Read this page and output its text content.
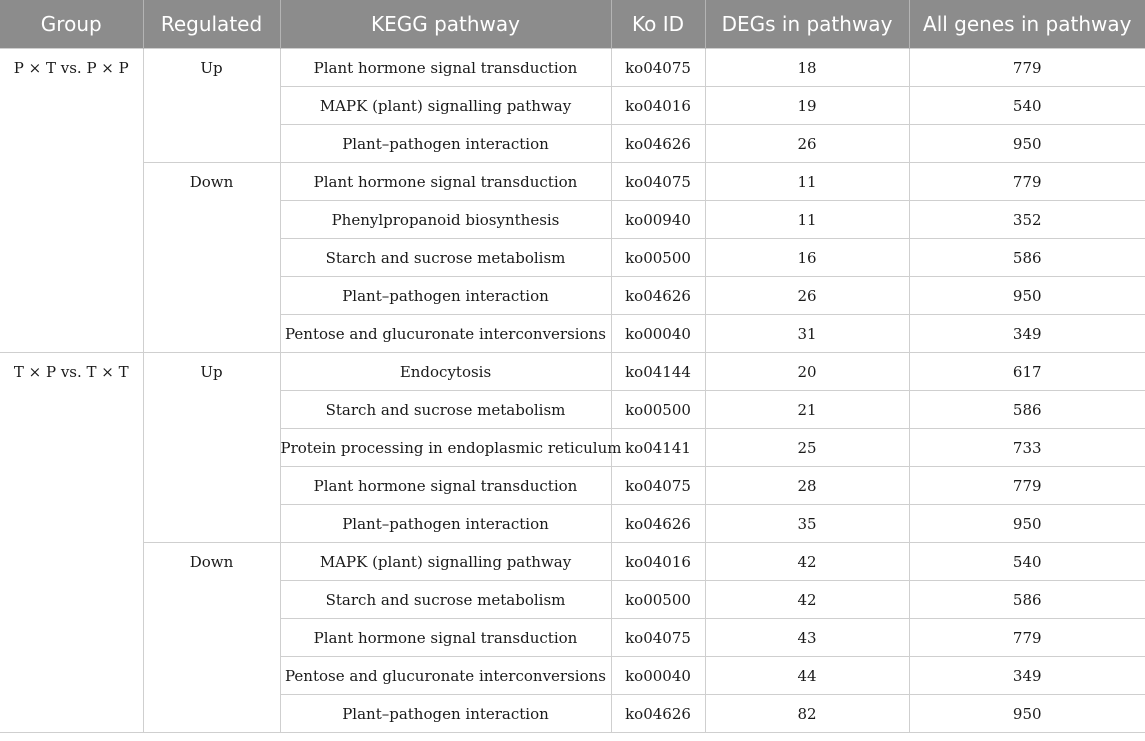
Group	Regulated	KEGG pathway	Ko ID	DEGs in pathway	All genes in pathway
P × T vs. P × P	Up	Plant hormone signal transduction	ko04075	18	779
		MAPK (plant) signalling pathway	ko04016	19	540
		Plant–pathogen interaction	ko04626	26	950
	Down	Plant hormone signal transduction	ko04075	11	779
		Phenylpropanoid biosynthesis	ko00940	11	352
		Starch and sucrose metabolism	ko00500	16	586
		Plant–pathogen interaction	ko04626	26	950
		Pentose and glucuronate interconversions	ko00040	31	349
T × P vs. T × T	Up	Endocytosis	ko04144	20	617
		Starch and sucrose metabolism	ko00500	21	586
		Protein processing in endoplasmic reticulum	ko04141	25	733
		Plant hormone signal transduction	ko04075	28	779
		Plant–pathogen interaction	ko04626	35	950
	Down	MAPK (plant) signalling pathway	ko04016	42	540
		Starch and sucrose metabolism	ko00500	42	586
		Plant hormone signal transduction	ko04075	43	779
		Pentose and glucuronate interconversions	ko00040	44	349
		Plant–pathogen interaction	ko04626	82	950
